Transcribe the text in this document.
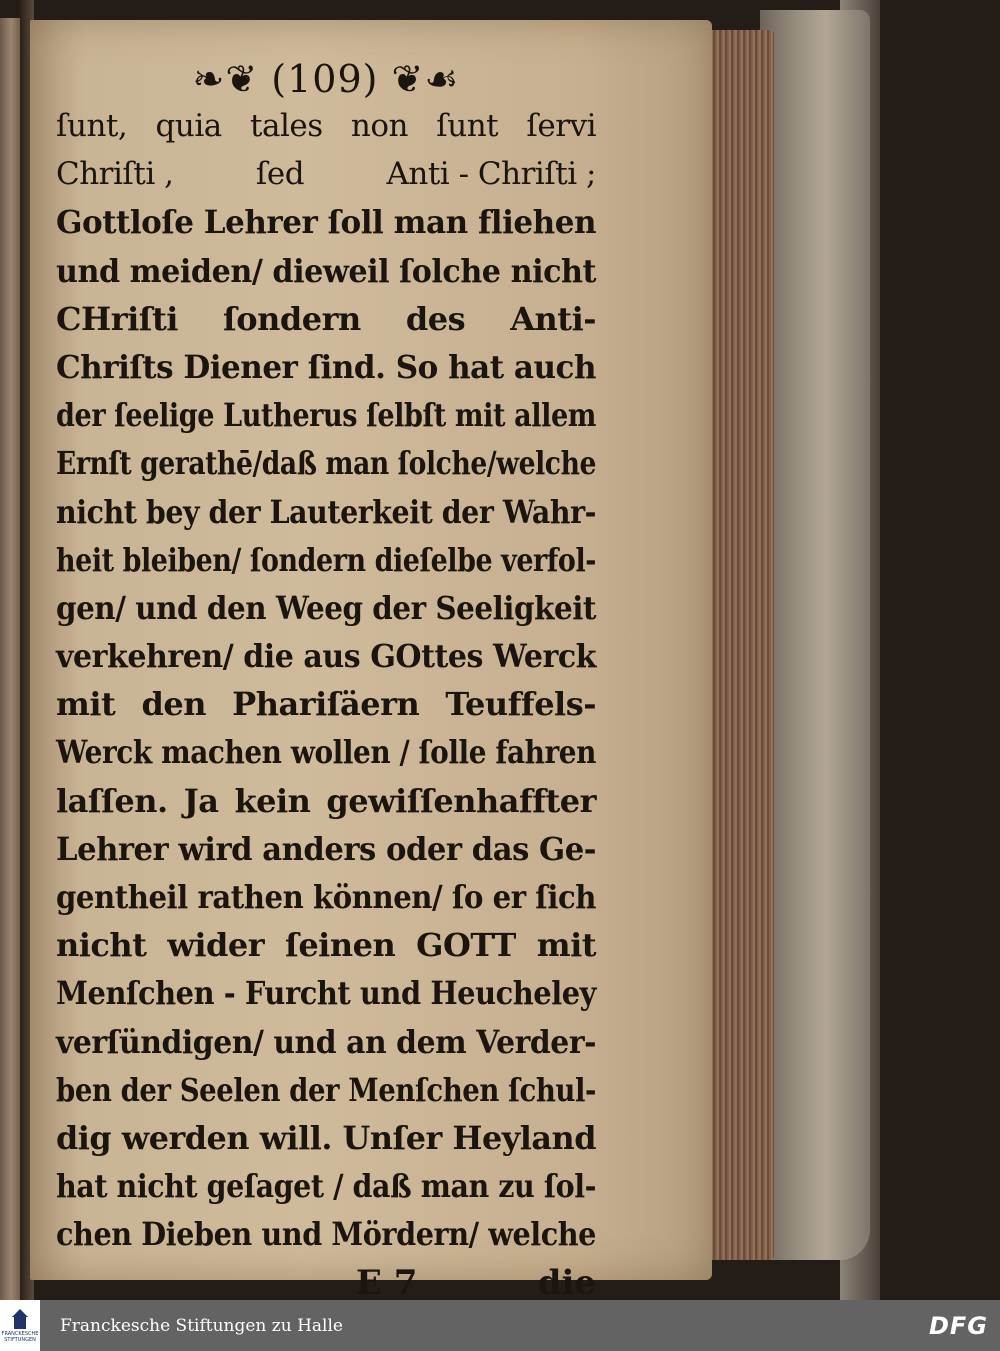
❧❦ (109) ❦☙
ſunt, quia tales non ſunt ſervi
Chriſti ,	ſed	Anti - Chriſti ;
Gottloſe Lehrer ſoll man fliehen
und meiden/ dieweil ſolche nicht
CHriſti ſondern des Anti-
Chriſts Diener ſind. So hat auch
der ſeelige Lutherus ſelbſt mit allem
Ernſt gerathē/daß man ſolche/welche
nicht bey der Lauterkeit der Wahr-
heit bleiben/ ſondern dieſelbe verfol-
gen/ und den Weeg der Seeligkeit
verkehren/ die aus GOttes Werck
mit den Phariſäern Teuffels-
Werck machen wollen / ſolle fahren
laſſen. Ja kein gewiſſenhaffter
Lehrer wird anders oder das Ge-
gentheil rathen können/ ſo er ſich
nicht wider ſeinen GOTT mit
Menſchen - Furcht und Heucheley
verſündigen/ und an dem Verder-
ben der Seelen der Menſchen ſchul-
dig werden will. Unſer Heyland
hat nicht geſaget / daß man zu ſol-
chen Dieben und Mördern/ welche
E 7	die
FRANCKESCHE STIFTUNGEN
Franckesche Stiftungen zu Halle	DFG
